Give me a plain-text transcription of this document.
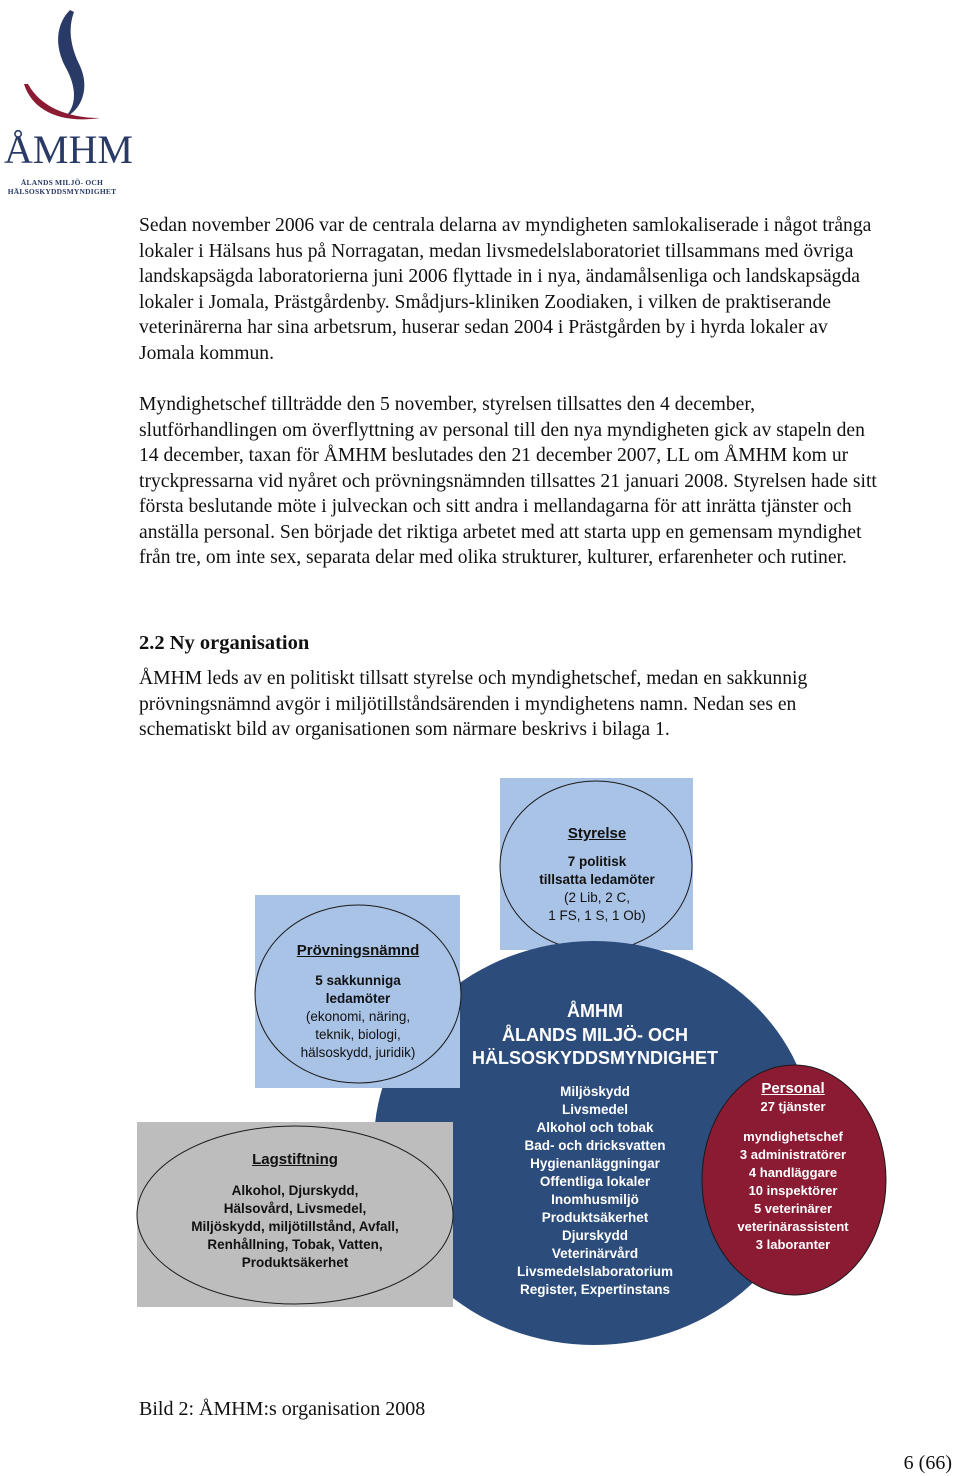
ÅMHM
ÅLANDS MILJÖ- OCH
HÄLSOSKYDDSMYNDIGHET

Sedan november 2006 var de centrala delarna av myndigheten samlokaliserade i något trånga lokaler i Hälsans hus på Norragatan, medan livsmedelslaboratoriet tillsammans med övriga landskapsägda laboratorierna juni 2006 flyttade in i nya, ändamålsenliga och landskapsägda lokaler i Jomala, Prästgårdenby. Smådjurs-kliniken Zoodiaken, i vilken de praktiserande veterinärerna har sina arbetsrum, huserar sedan 2004 i Prästgården by i hyrda lokaler av Jomala kommun.

Myndighetschef tillträdde den 5 november, styrelsen tillsattes den 4 december, slutförhandlingen om överflyttning av personal till den nya myndigheten gick av stapeln den 14 december, taxan för ÅMHM beslutades den 21 december 2007, LL om ÅMHM kom ur tryckpressarna vid nyåret och prövningsnämnden tillsattes 21 januari 2008. Styrelsen hade sitt första beslutande möte i julveckan och sitt andra i mellandagarna för att inrätta tjänster och anställa personal. Sen började det riktiga arbetet med att starta upp en gemensam myndighet från tre, om inte sex, separata delar med olika strukturer, kulturer, erfarenheter och rutiner.

2.2 Ny organisation

ÅMHM leds av en politiskt tillsatt styrelse och myndighetschef, medan en sakkunnig prövningsnämnd avgör i miljötillståndsärenden i myndighetens namn. Nedan ses en schematiskt bild av organisationen som närmare beskrivs i bilaga 1.

Styrelse
7 politisk
tillsatta ledamöter
(2 Lib, 2 C,
1 FS, 1 S, 1 Ob)
Prövningsnämnd
5 sakkunniga
ledamöter
(ekonomi, näring,
teknik, biologi,
hälsoskydd, juridik)
ÅMHM
ÅLANDS MILJÖ- OCH
HÄLSOSKYDDSMYNDIGHET
Miljöskydd
Livsmedel
Alkohol och tobak
Bad- och dricksvatten
Hygienanläggningar
Offentliga lokaler
Inomhusmiljö
Produktsäkerhet
Djurskydd
Veterinärvård
Livsmedelslaboratorium
Register, Expertinstans
Lagstiftning
Alkohol, Djurskydd,
Hälsovård, Livsmedel,
Miljöskydd, miljötillstånd, Avfall,
Renhållning, Tobak, Vatten,
Produktsäkerhet
Personal
27 tjänster
myndighetschef
3 administratörer
4 handläggare
10 inspektörer
5 veterinärer
veterinärassistent
3 laboranter

Bild 2: ÅMHM:s organisation 2008

6 (66)
